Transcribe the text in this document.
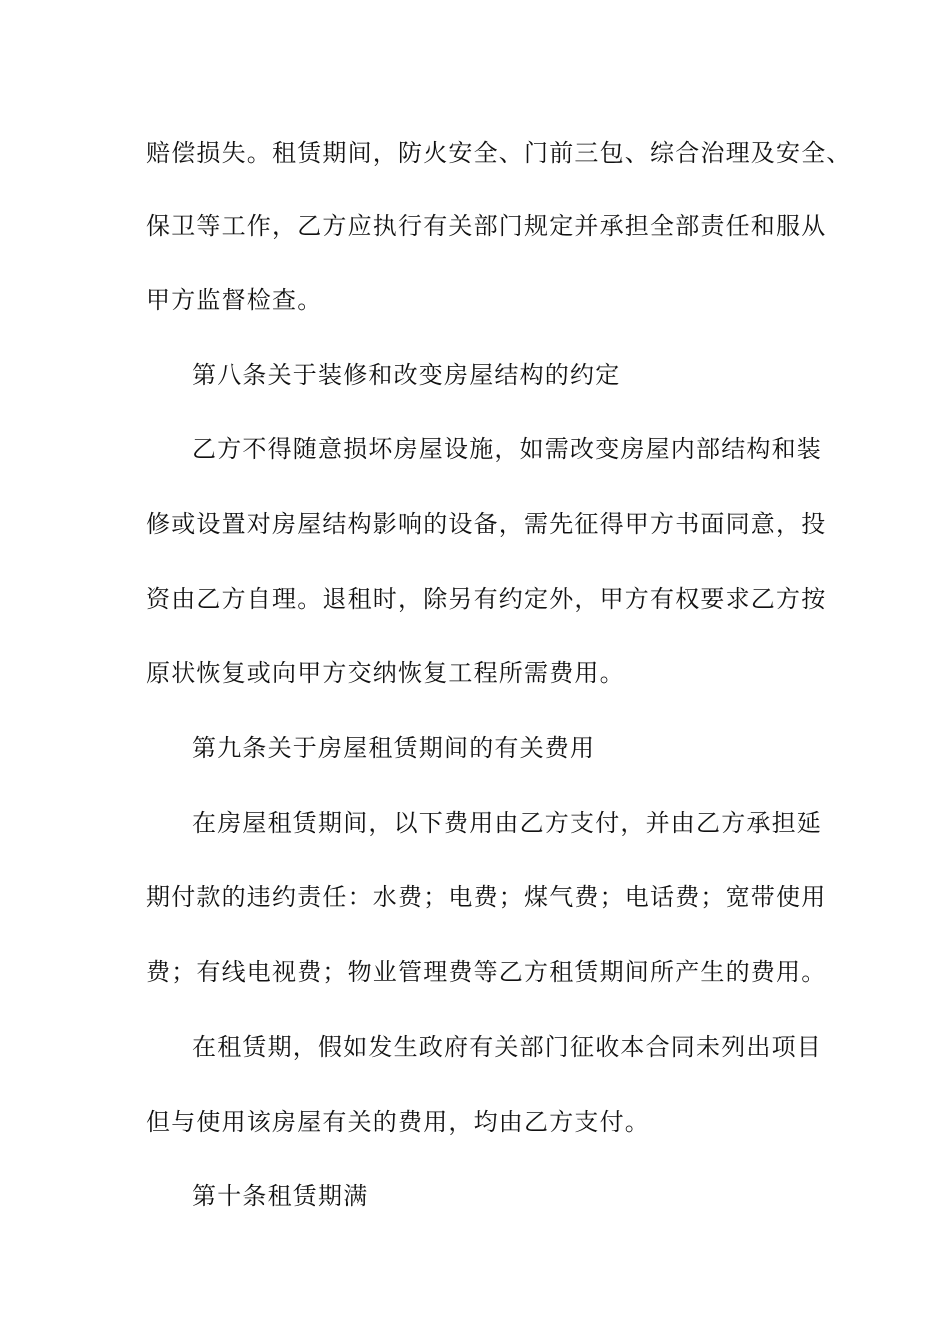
赔偿损失。租赁期间，防火安全、门前三包、综合治理及安全、
保卫等工作，乙方应执行有关部门规定并承担全部责任和服从
甲方监督检查。
第八条关于装修和改变房屋结构的约定
乙方不得随意损坏房屋设施，如需改变房屋内部结构和装
修或设置对房屋结构影响的设备，需先征得甲方书面同意，投
资由乙方自理。退租时，除另有约定外，甲方有权要求乙方按
原状恢复或向甲方交纳恢复工程所需费用。
第九条关于房屋租赁期间的有关费用
在房屋租赁期间，以下费用由乙方支付，并由乙方承担延
期付款的违约责任：水费；电费；煤气费；电话费；宽带使用
费；有线电视费；物业管理费等乙方租赁期间所产生的费用。
在租赁期，假如发生政府有关部门征收本合同未列出项目
但与使用该房屋有关的费用，均由乙方支付。
第十条租赁期满
